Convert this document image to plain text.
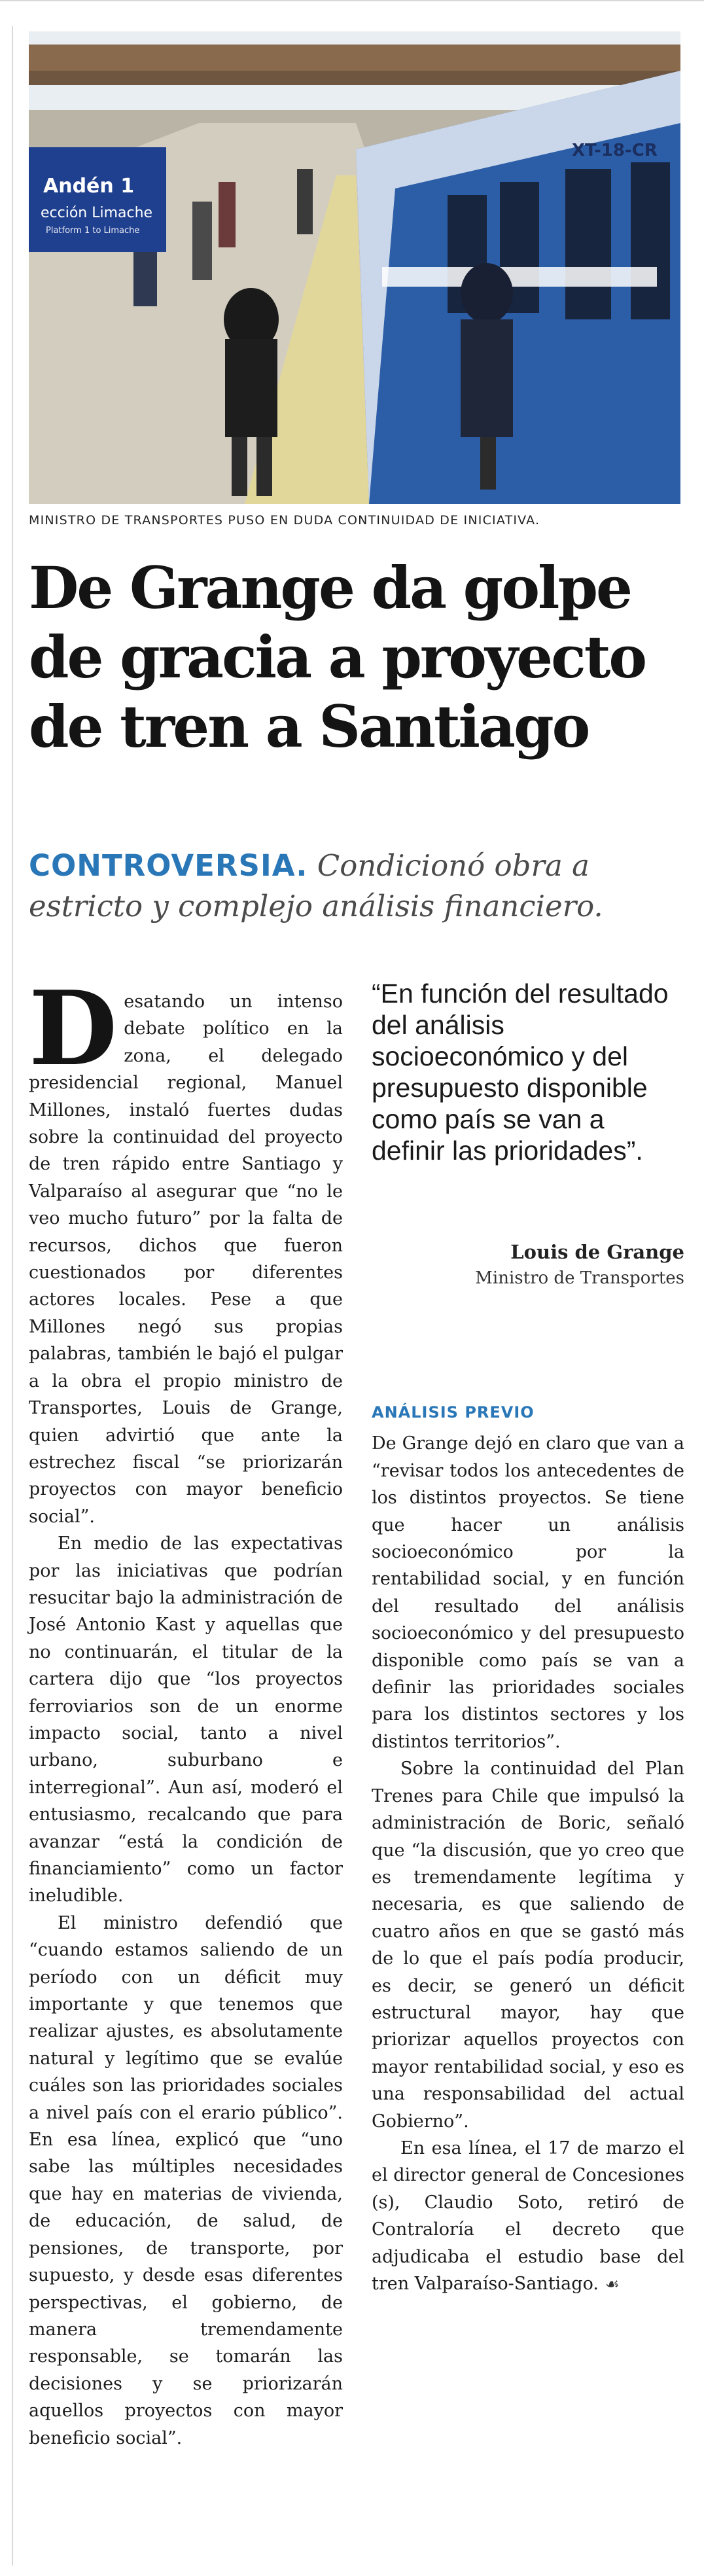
XT-18-CR
Andén 1
ección Limache
Platform 1 to Limache
MINISTRO DE TRANSPORTES PUSO EN DUDA CONTINUIDAD DE INICIATIVA.
De Grange da golpe de gracia a proyecto de tren a Santiago
CONTROVERSIA. Condicionó obra a estricto y complejo análisis financiero.

Desatando un intenso debate político en la zona, el delegado presidencial regional, Manuel Millones, instaló fuertes dudas sobre la continuidad del proyecto de tren rápido entre Santiago y Valparaíso al asegurar que “no le veo mucho futuro” por la falta de recursos, dichos que fueron cuestionados por diferentes actores locales. Pese a que Millones negó sus propias palabras, también le bajó el pulgar a la obra el propio ministro de Transportes, Louis de Grange, quien advirtió que ante la estrechez fiscal “se priorizarán proyectos con mayor beneficio social”.

En medio de las expectativas por las iniciativas que podrían resucitar bajo la administración de José Antonio Kast y aquellas que no continuarán, el titular de la cartera dijo que “los proyectos ferroviarios son de un enorme impacto social, tanto a nivel urbano, suburbano e interregional”. Aun así, moderó el entusiasmo, recalcando que para avanzar “está la condición de financiamiento” como un factor ineludible.

El ministro defendió que “cuando estamos saliendo de un período con un déficit muy importante y que tenemos que realizar ajustes, es absolutamente natural y legítimo que se evalúe cuáles son las prioridades sociales a nivel país con el erario público”. En esa línea, explicó que “uno sabe las múltiples necesidades que hay en materias de vivienda, de educación, de salud, de pensiones, de transporte, por supuesto, y desde esas diferentes perspectivas, el gobierno, de manera tremendamente responsable, se tomarán las decisiones y se priorizarán aquellos proyectos con mayor beneficio social”.

“En función del resultado del análisis socioeconómico y del presupuesto disponible como país se van a definir las prioridades”.
Louis de Grange
Ministro de Transportes
ANÁLISIS PREVIO

De Grange dejó en claro que van a “revisar todos los antecedentes de los distintos proyectos. Se tiene que hacer un análisis socioeconómico por la rentabilidad social, y en función del resultado del análisis socioeconómico y del presupuesto disponible como país se van a definir las prioridades sociales para los distintos sectores y los distintos territorios”.

Sobre la continuidad del Plan Trenes para Chile que impulsó la administración de Boric, señaló que “la discusión, que yo creo que es tremendamente legítima y necesaria, es que saliendo de cuatro años en que se gastó más de lo que el país podía producir, es decir, se generó un déficit estructural mayor, hay que priorizar aquellos proyectos con mayor rentabilidad social, y eso es una responsabilidad del actual Gobierno”.

En esa línea, el 17 de marzo el el director general de Concesiones (s), Claudio Soto, retiró de Contraloría el decreto que adjudicaba el estudio base del tren Valparaíso-Santiago. ☙
